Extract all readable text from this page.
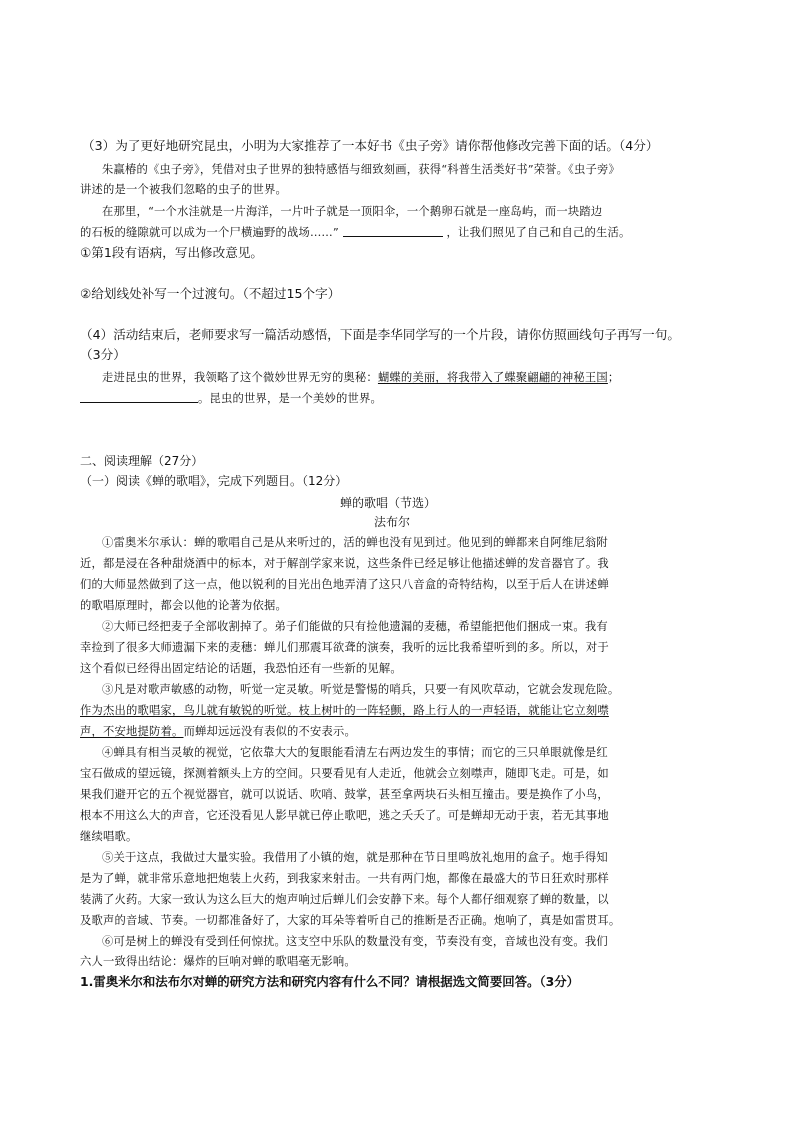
（3）为了更好地研究昆虫，小明为大家推荐了一本好书《虫子旁》请你帮他修改完善下面的话。（4分）
朱赢椿的《虫子旁》，凭借对虫子世界的独特感悟与细致刻画，获得“科普生活类好书”荣誉。《虫子旁》
讲述的是一个被我们忽略的虫子的世界。
在那里，“一个水洼就是一片海洋，一片叶子就是一顶阳伞，一个鹅卵石就是一座岛屿，而一块踏边
的石板的缝隙就可以成为一个尸横遍野的战场……”	，让我们照见了自己和自己的生活。
①第1段有语病，写出修改意见。
②给划线处补写一个过渡句。（不超过15个字）
（4）活动结束后，老师要求写一篇活动感悟，下面是李华同学写的一个片段，请你仿照画线句子再写一句。
（3分）
走进昆虫的世界，我领略了这个微妙世界无穷的奥秘：蝴蝶的美丽，将我带入了蝶聚翩翩的神秘王国；
。昆虫的世界，是一个美妙的世界。
二、阅读理解（27分）
（一）阅读《蝉的歌唱》，完成下列题目。（12分）
蝉的歌唱（节选）
法布尔
①雷奥米尔承认：蝉的歌唱自己是从来听过的，活的蝉也没有见到过。他见到的蝉都来自阿维尼翁附
近，都是浸在各种甜烧酒中的标本，对于解剖学家来说，这些条件已经足够让他描述蝉的发音器官了。我
们的大师显然做到了这一点，他以锐利的目光出色地弄清了这只八音盒的奇特结构，以至于后人在讲述蝉
的歌唱原理时，都会以他的论著为依据。
②大师已经把麦子全部收割掉了。弟子们能做的只有捡他遗漏的麦穗，希望能把他们捆成一束。我有
幸捡到了很多大师遗漏下来的麦穗：蝉儿们那震耳欲聋的演奏，我听的远比我希望听到的多。所以，对于
这个看似已经得出固定结论的话题，我恐怕还有一些新的见解。
③凡是对歌声敏感的动物，听觉一定灵敏。听觉是警惕的哨兵，只要一有风吹草动，它就会发现危险。
作为杰出的歌唱家，鸟儿就有敏锐的听觉。枝上树叶的一阵轻颤，路上行人的一声轻语，就能让它立刻噤
声，不安地提防着。而蝉却远远没有表似的不安表示。
④蝉具有相当灵敏的视觉，它依靠大大的复眼能看清左右两边发生的事情；而它的三只单眼就像是红
宝石做成的望远镜，探测着额头上方的空间。只要看见有人走近，他就会立刻噤声，随即飞走。可是，如
果我们避开它的五个视觉器官，就可以说话、吹哨、鼓掌，甚至拿两块石头相互撞击。要是换作了小鸟，
根本不用这么大的声音，它还没看见人影早就已停止歌吧，逃之夭夭了。可是蝉却无动于衷，若无其事地
继续唱歌。
⑤关于这点，我做过大量实验。我借用了小镇的炮，就是那种在节日里鸣放礼炮用的盒子。炮手得知
是为了蝉，就非常乐意地把炮装上火药，到我家来射击。一共有两门炮，都像在最盛大的节日狂欢时那样
装满了火药。大家一致认为这么巨大的炮声响过后蝉儿们会安静下来。每个人都仔细观察了蝉的数量，以
及歌声的音域、节奏。一切都准备好了，大家的耳朵等着听自己的推断是否正确。炮响了，真是如雷贯耳。
⑥可是树上的蝉没有受到任何惊扰。这支空中乐队的数量没有变，节奏没有变，音域也没有变。我们
六人一致得出结论：爆炸的巨响对蝉的歌唱毫无影响。
1.雷奥米尔和法布尔对蝉的研究方法和研究内容有什么不同？请根据选文简要回答。（3分）
